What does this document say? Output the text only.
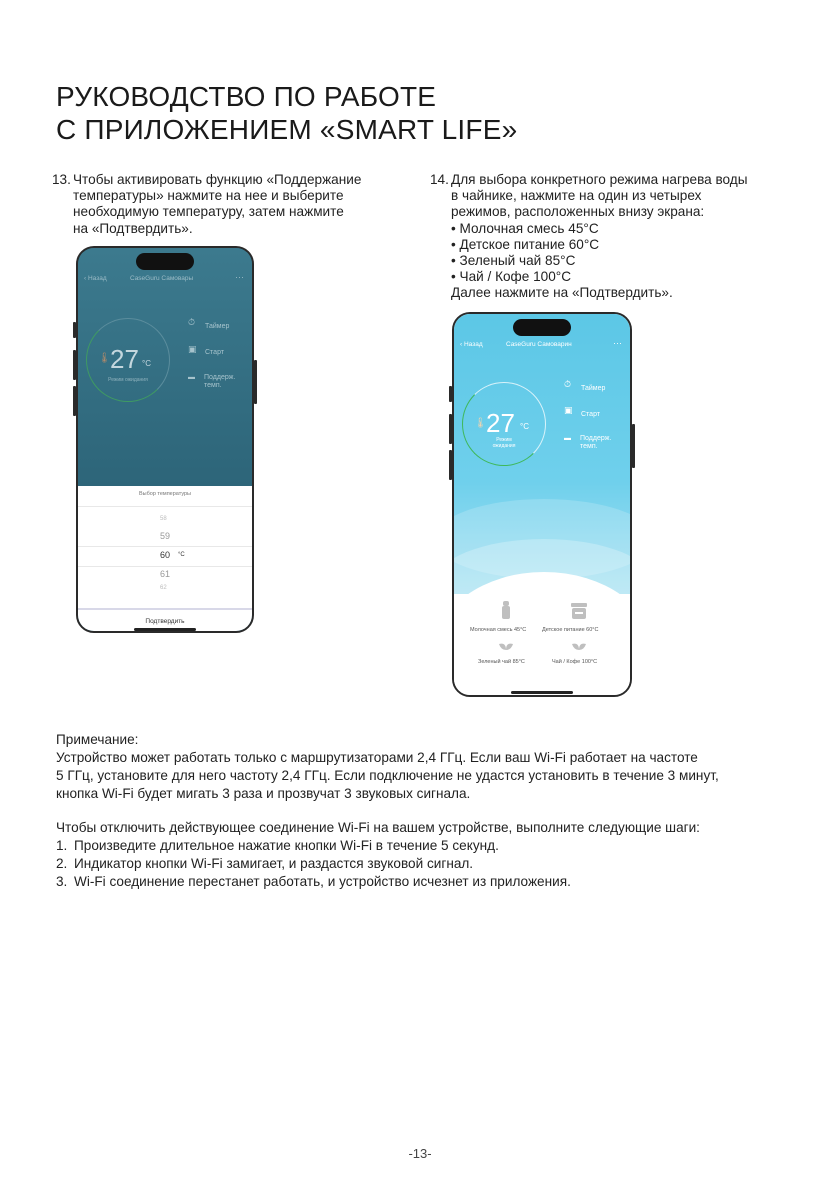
РУКОВОДСТВО ПО РАБОТЕ
С ПРИЛОЖЕНИЕМ «SMART LIFE»
13. Чтобы активировать функцию «Поддержание
температуры» нажмите на нее и выберите
необходимую температуру, затем нажмите
на «Подтвердить».
14. Для выбора конкретного режима нагрева воды
в чайнике, нажмите на один из четырех
режимов, расположенных внизу экрана:
• Молочная смесь 45°C
• Детское питание 60°C
• Зеленый чай 85°C
• Чай / Кофе 100°C
Далее нажмите на «Подтвердить».
‹ Назад	CaseGuru Самовары	···
🌡 27 °C
Режим ожидания
⏱ Таймер
▣ Старт
▬ Поддерж.
темп.
Выбор температуры
58
59
60 °C
61
62
Подтвердить
‹ Назад	CaseGuru Самоварин	···
🌡 27 °C
Режим
ожидания
⏱ Таймер
▣ Старт
▬ Поддерж.
темп.
Молочная смесь 45°C	Детское питание 60°C
Зеленый чай 85°C	Чай / Кофе 100°C
Примечание:
Устройство может работать только с маршрутизаторами 2,4 ГГц. Если ваш Wi-Fi работает на частоте
5 ГГц, установите для него частоту 2,4 ГГц. Если подключение не удастся установить в течение 3 минут,
кнопка Wi-Fi будет мигать 3 раза и прозвучат 3 звуковых сигнала.
Чтобы отключить действующее соединение Wi-Fi на вашем устройстве, выполните следующие шаги:
1. Произведите длительное нажатие кнопки Wi-Fi в течение 5 секунд.
2. Индикатор кнопки Wi-Fi замигает, и раздастся звуковой сигнал.
3. Wi-Fi соединение перестанет работать, и устройство исчезнет из приложения.
-13-
